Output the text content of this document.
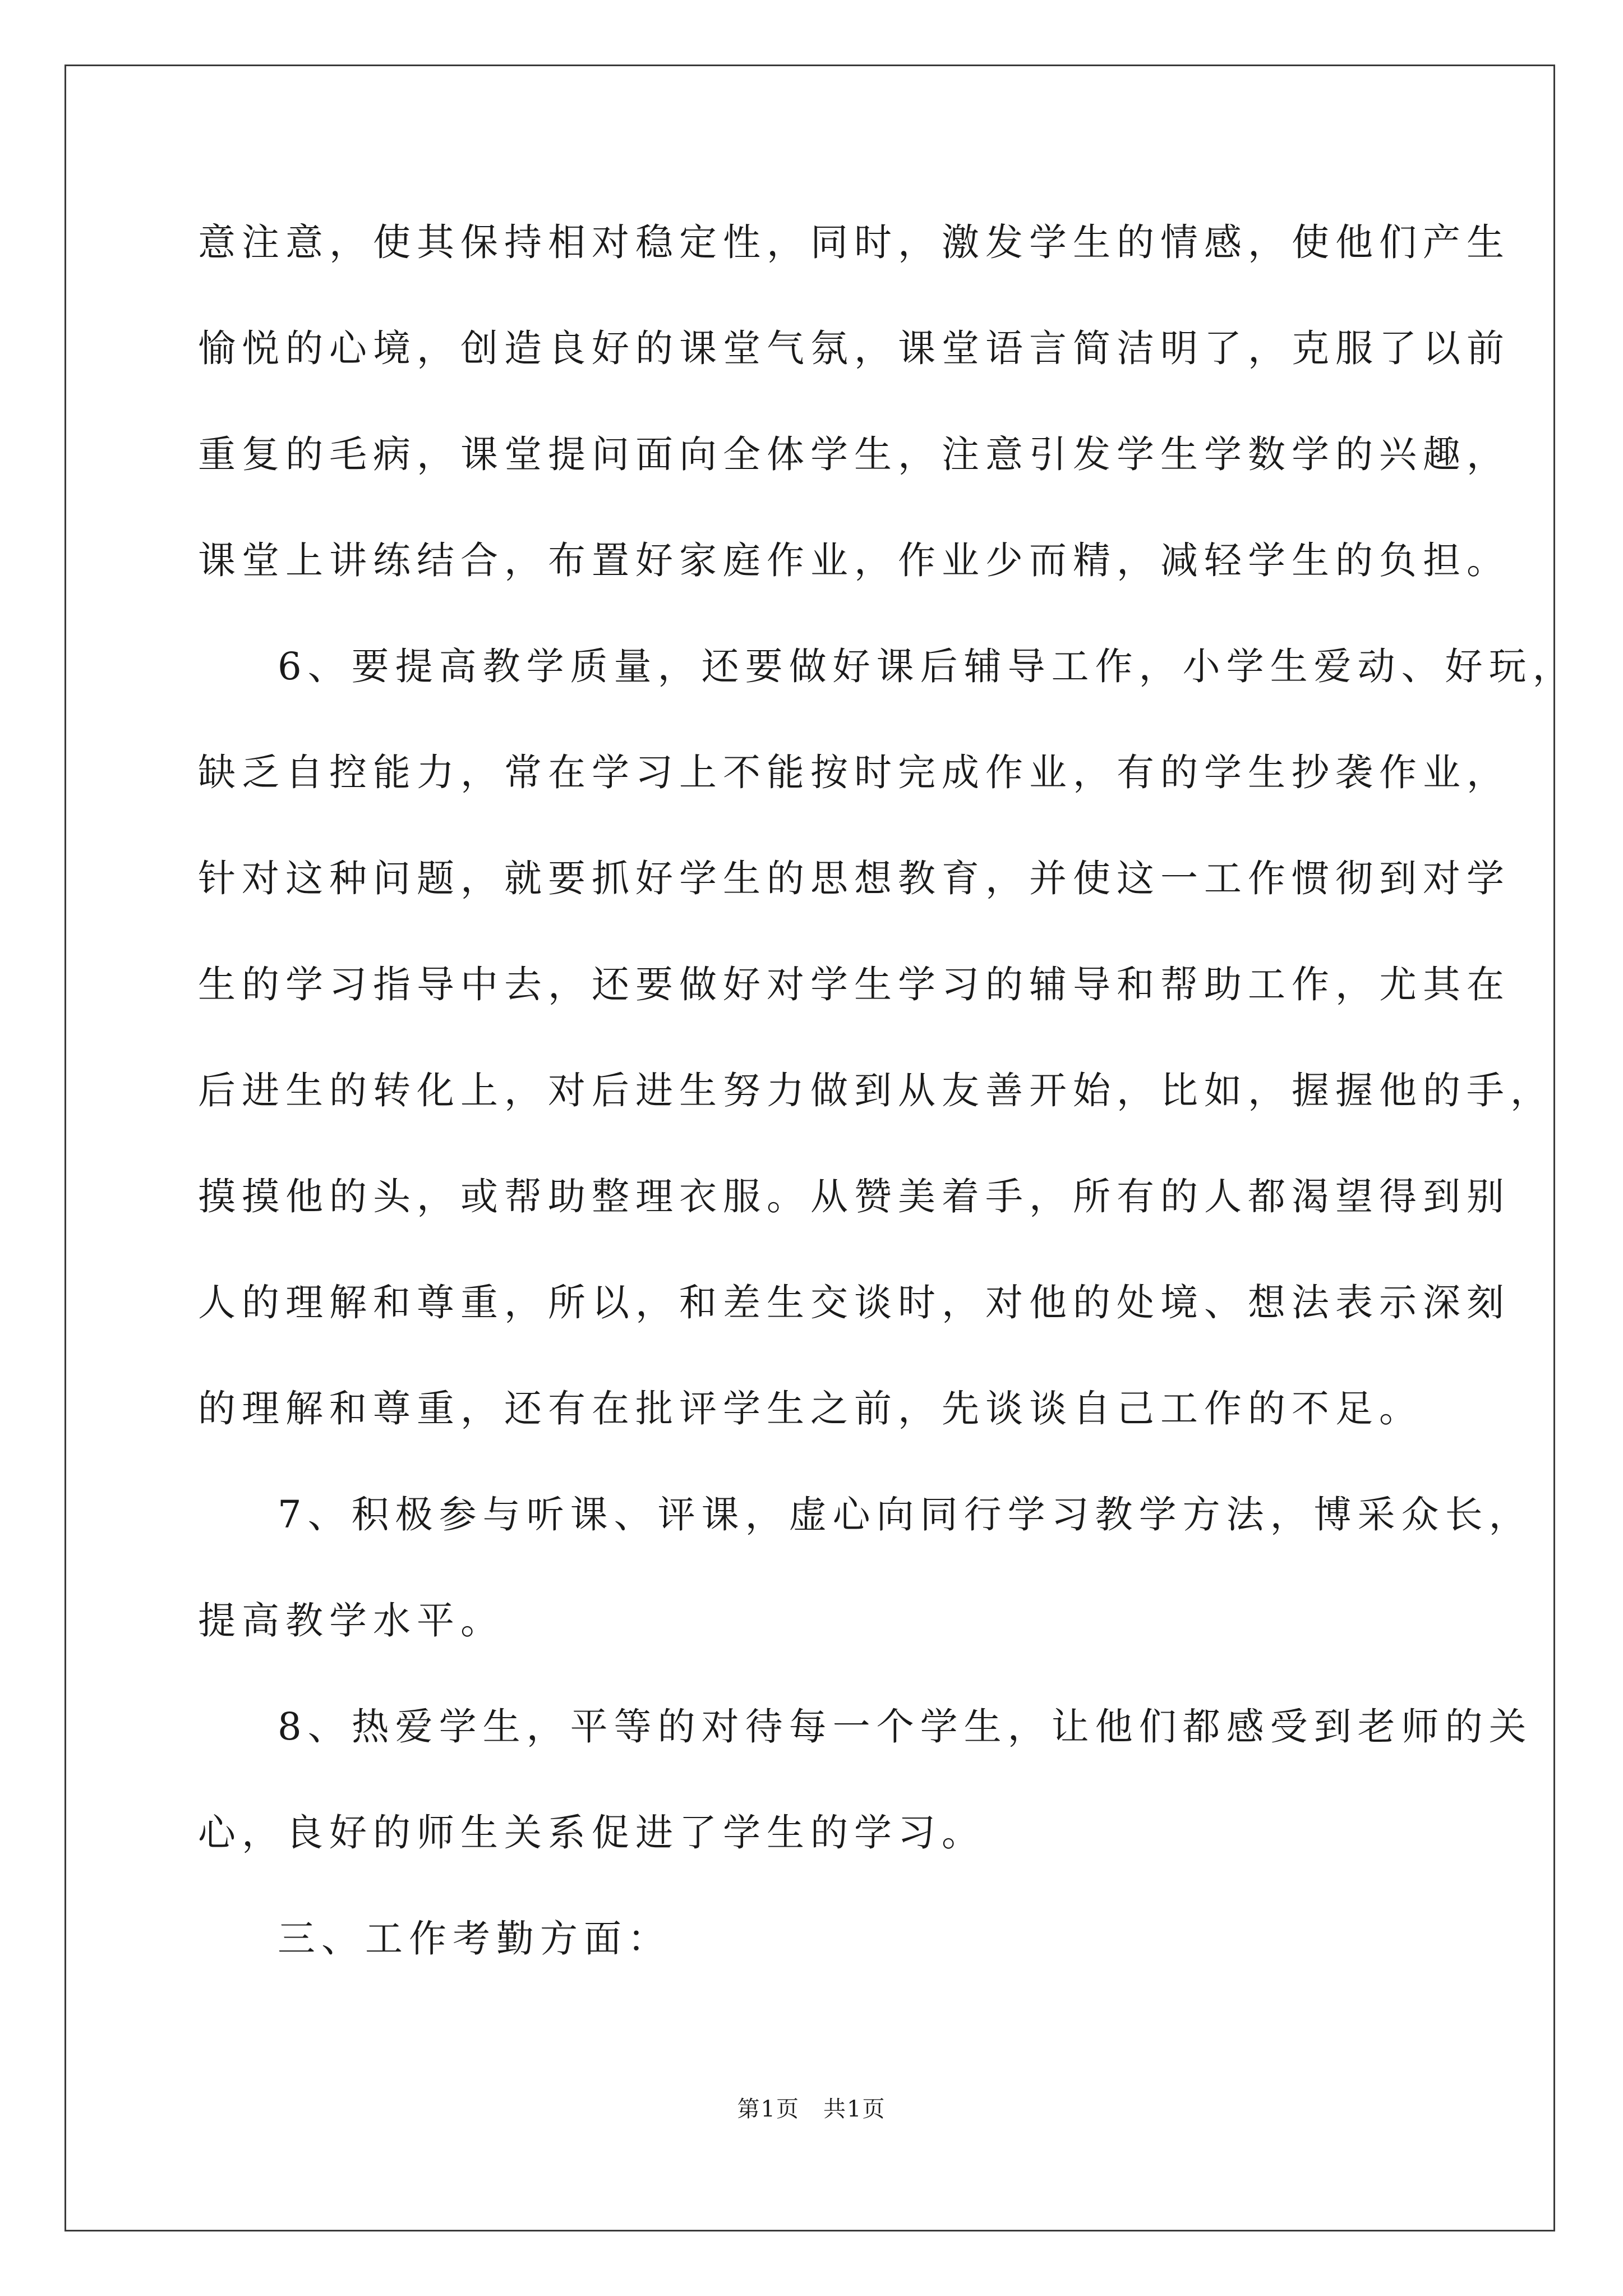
意注意，使其保持相对稳定性，同时，激发学生的情感，使他们产生
愉悦的心境，创造良好的课堂气氛，课堂语言简洁明了，克服了以前
重复的毛病，课堂提问面向全体学生，注意引发学生学数学的兴趣，
课堂上讲练结合，布置好家庭作业，作业少而精，减轻学生的负担。
6、要提高教学质量，还要做好课后辅导工作，小学生爱动、好玩，
缺乏自控能力，常在学习上不能按时完成作业，有的学生抄袭作业，
针对这种问题，就要抓好学生的思想教育，并使这一工作惯彻到对学
生的学习指导中去，还要做好对学生学习的辅导和帮助工作，尤其在
后进生的转化上，对后进生努力做到从友善开始，比如，握握他的手，
摸摸他的头，或帮助整理衣服。从赞美着手，所有的人都渴望得到别
人的理解和尊重，所以，和差生交谈时，对他的处境、想法表示深刻
的理解和尊重，还有在批评学生之前，先谈谈自己工作的不足。
7、积极参与听课、评课，虚心向同行学习教学方法，博采众长，
提高教学水平。
8、热爱学生，平等的对待每一个学生，让他们都感受到老师的关
心，良好的师生关系促进了学生的学习。
三、工作考勤方面：
第1页　共1页
